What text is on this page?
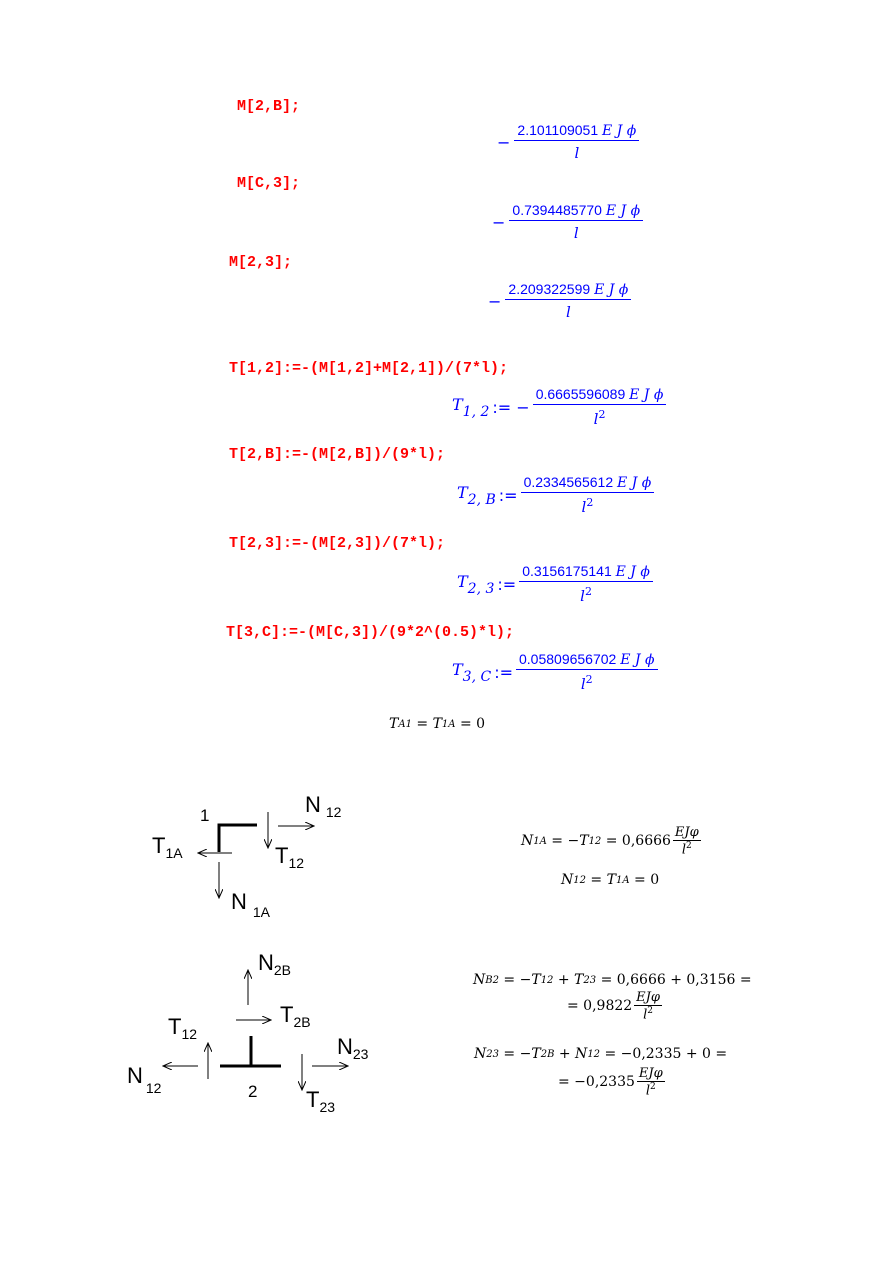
M[2,B];
− $\frac{\text{2.101109051 E J ϕ}}{l}$
M[C,3];
− $\frac{\text{0.7394485770 E J ϕ}}{l}$
M[2,3];
− $\frac{\text{2.209322599 E J ϕ}}{l}$
T[1,2]:=-(M[1,2]+M[2,1])/(7*l);
$T_{1, 2}$ := − $\frac{\text{0.6665596089 E J ϕ}}{l^2}$
T[2,B]:=-(M[2,B])/(9*l);
$T_{2, B}$ := $\frac{\text{0.2334565612 E J ϕ}}{l^2}$
T[2,3]:=-(M[2,3])/(7*l);
$T_{2, 3}$ := $\frac{\text{0.3156175141 E J ϕ}}{l^2}$
T[3,C]:=-(M[C,3])/(9*2^(0.5)*l);
$T_{3, C}$ := $\frac{\text{0.05809656702 E J ϕ}}{l^2}$
T A1 = T 1A
= 0
1	N 12
T1A	T12
N 1A
N2B
T2B
T12	N23
N 12	2 T23
N 1A = −T 12
= 0,6666
EJφ
$l^2$
N 12 = T 1A
= 0
N B2 = −T 12
+ T 23
= 0,6666 + 0,3156 =
= 0,9822
EJφ
$l^2$
N 23 = −T 2B
+ N 12
= −0,2335 + 0 =
= −0,2335
EJφ
$l^2$
